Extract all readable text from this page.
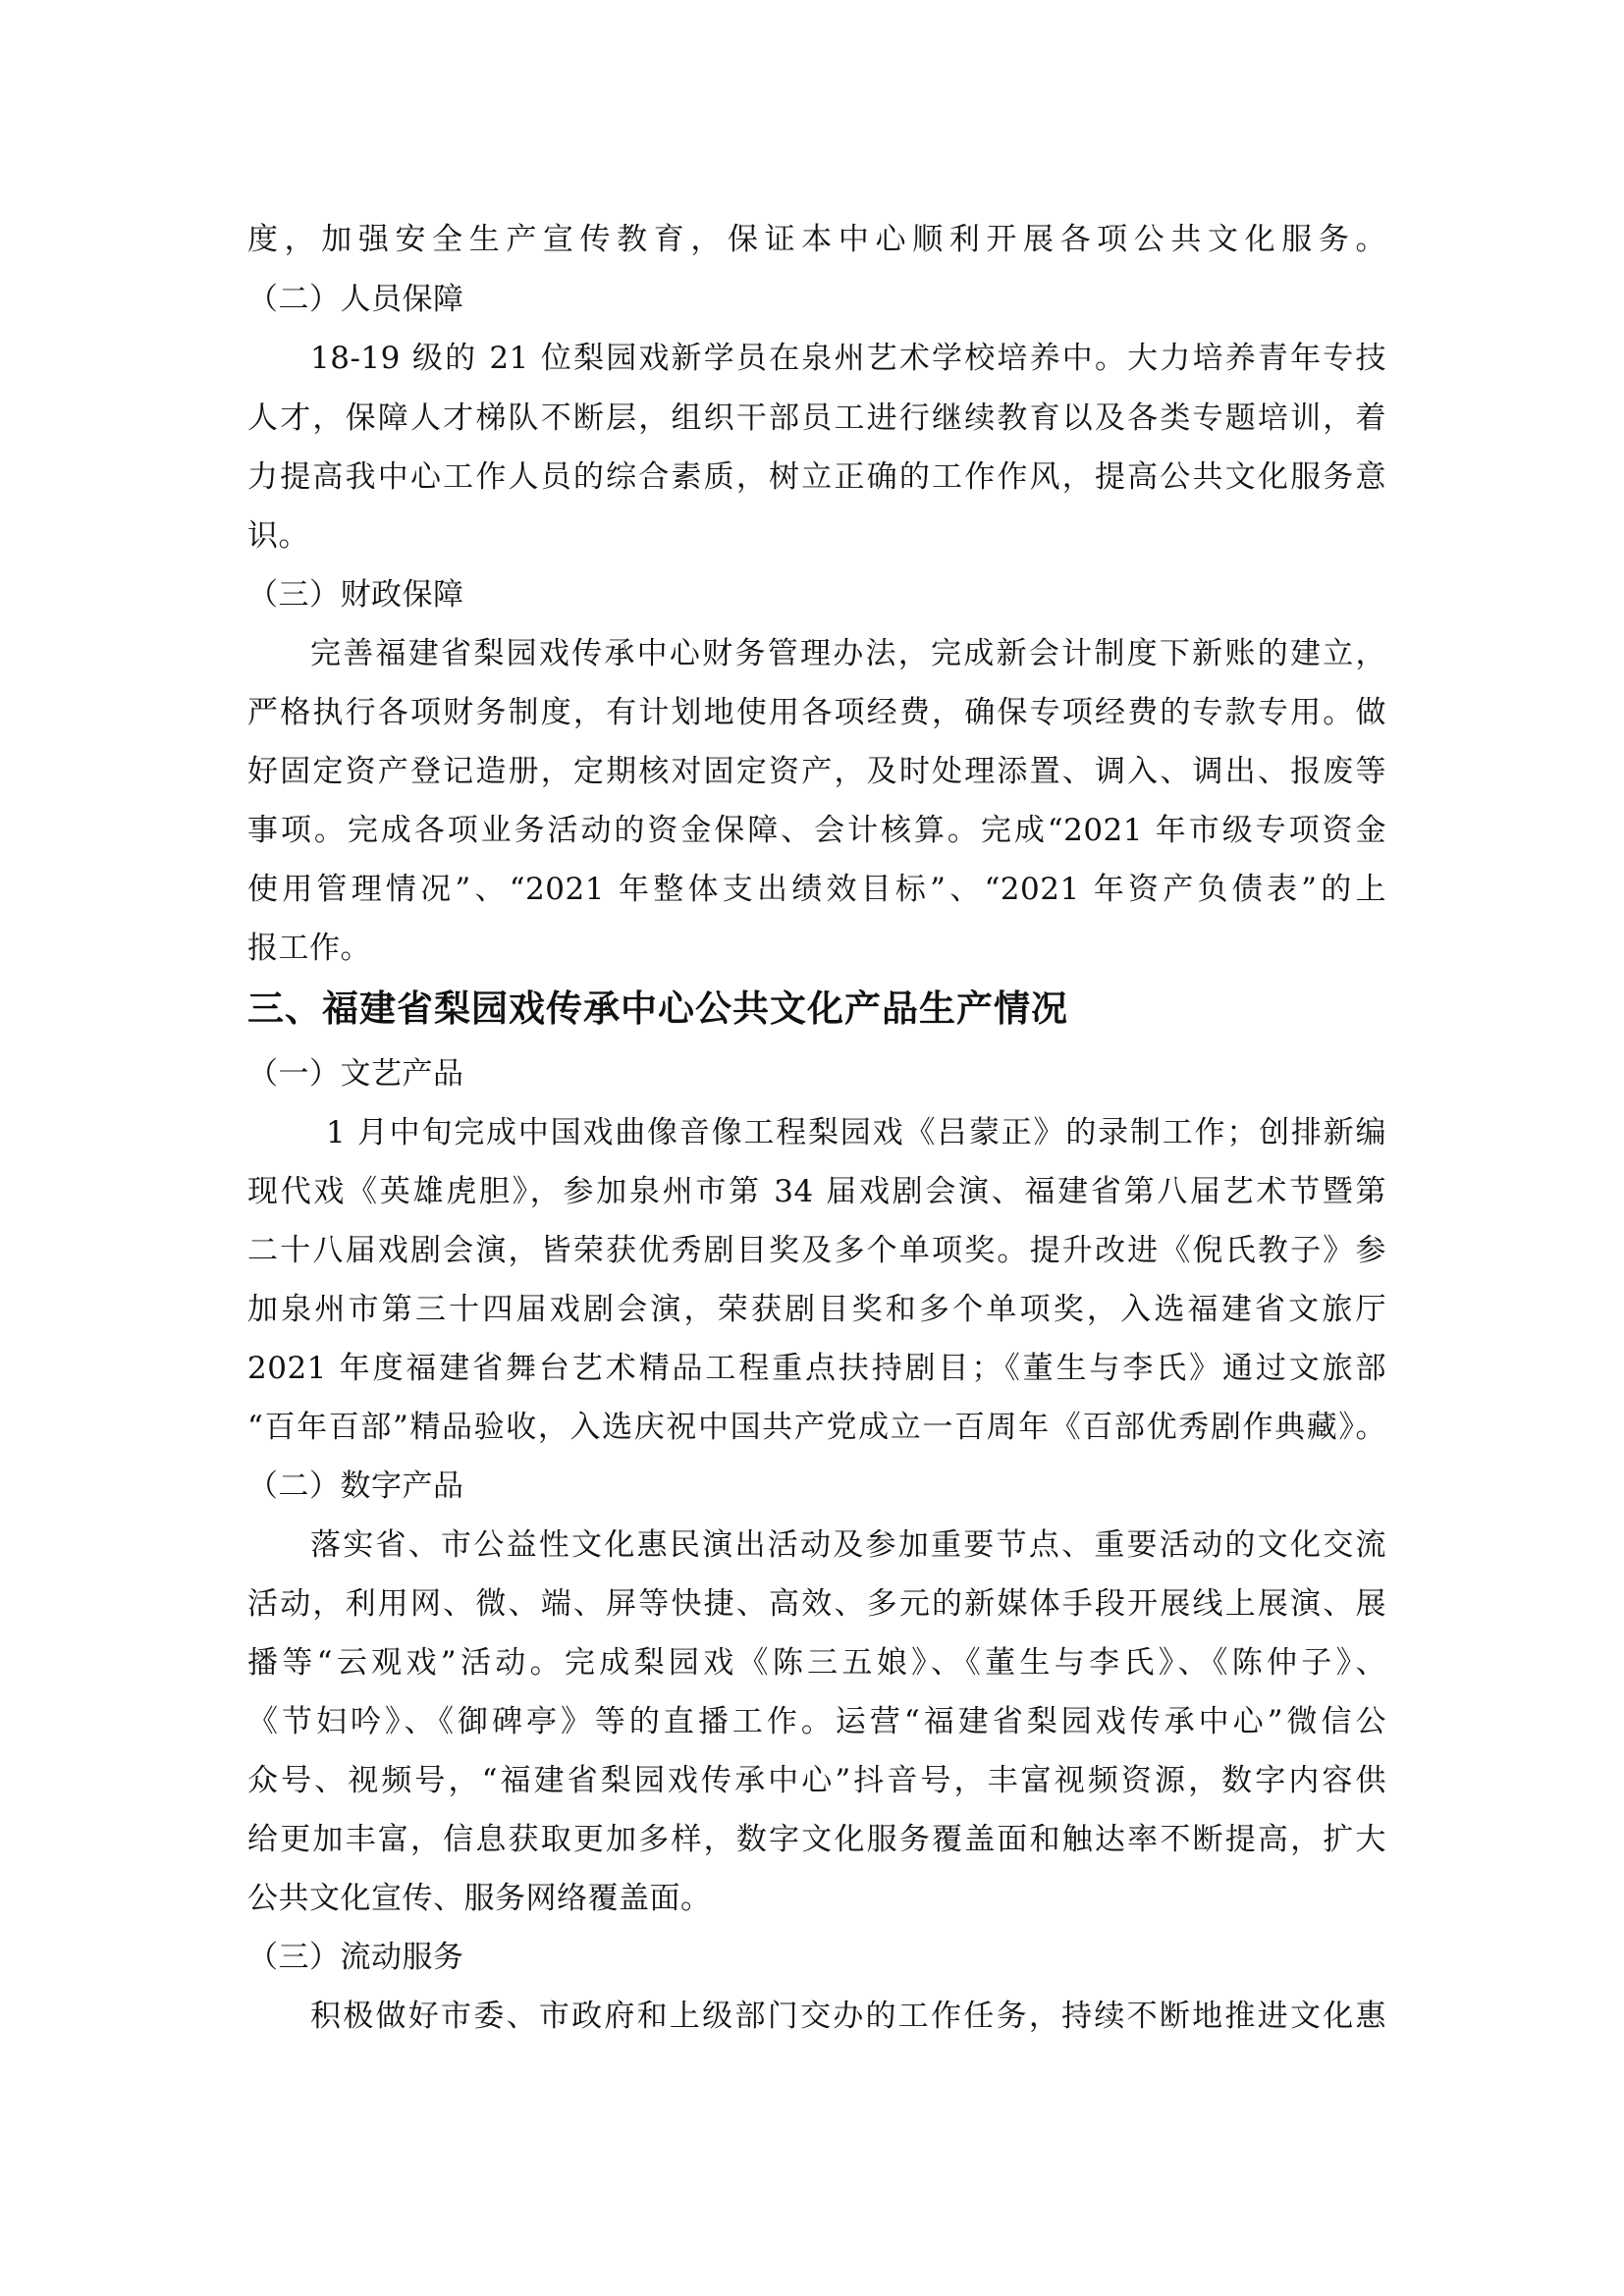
度，加强安全生产宣传教育，保证本中心顺利开展各项公共文化服务。
（二）人员保障
18-19 级的 21 位梨园戏新学员在泉州艺术学校培养中。大力培养青年专技
人才，保障人才梯队不断层，组织干部员工进行继续教育以及各类专题培训，着
力提高我中心工作人员的综合素质，树立正确的工作作风，提高公共文化服务意
识。
（三）财政保障
完善福建省梨园戏传承中心财务管理办法，完成新会计制度下新账的建立，
严格执行各项财务制度，有计划地使用各项经费，确保专项经费的专款专用。做
好固定资产登记造册，定期核对固定资产，及时处理添置、调入、调出、报废等
事项。完成各项业务活动的资金保障、会计核算。完成“2021 年市级专项资金
使用管理情况”、“2021 年整体支出绩效目标”、“2021 年资产负债表”的上
报工作。
三、福建省梨园戏传承中心公共文化产品生产情况
（一）文艺产品
1 月中旬完成中国戏曲像音像工程梨园戏《吕蒙正》的录制工作；创排新编
现代戏《英雄虎胆》，参加泉州市第 34 届戏剧会演、福建省第八届艺术节暨第
二十八届戏剧会演，皆荣获优秀剧目奖及多个单项奖。提升改进《倪氏教子》参
加泉州市第三十四届戏剧会演，荣获剧目奖和多个单项奖，入选福建省文旅厅
2021 年度福建省舞台艺术精品工程重点扶持剧目；《董生与李氏》通过文旅部
“百年百部”精品验收，入选庆祝中国共产党成立一百周年《百部优秀剧作典藏》。
（二）数字产品
落实省、市公益性文化惠民演出活动及参加重要节点、重要活动的文化交流
活动，利用网、微、端、屏等快捷、高效、多元的新媒体手段开展线上展演、展
播等“云观戏”活动。完成梨园戏《陈三五娘》、《董生与李氏》、《陈仲子》、
《节妇吟》、《御碑亭》等的直播工作。运营“福建省梨园戏传承中心”微信公
众号、视频号，“福建省梨园戏传承中心”抖音号，丰富视频资源，数字内容供
给更加丰富，信息获取更加多样，数字文化服务覆盖面和触达率不断提高，扩大
公共文化宣传、服务网络覆盖面。
（三）流动服务
积极做好市委、市政府和上级部门交办的工作任务，持续不断地推进文化惠
